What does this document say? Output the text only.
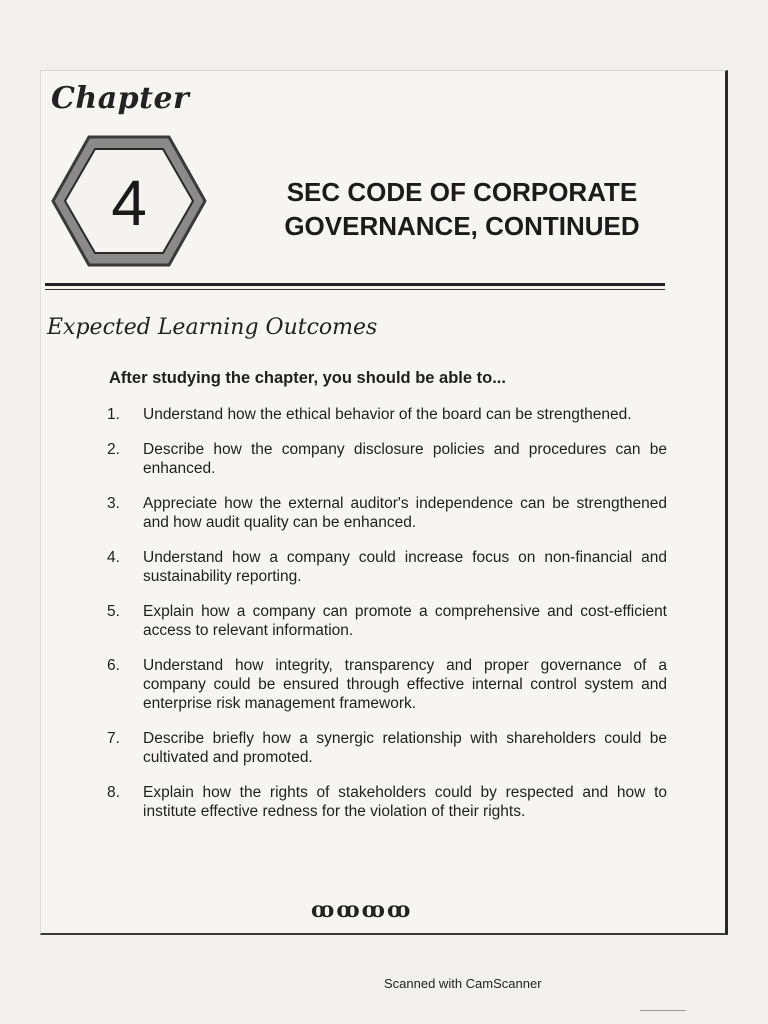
Chapter
4	SEC CODE OF CORPORATE
GOVERNANCE, CONTINUED
Expected Learning Outcomes
After studying the chapter, you should be able to...
1.	Understand how the ethical behavior of the board can be strengthened.
2.	Describe how the company disclosure policies and procedures can be enhanced.
3.	Appreciate how the external auditor's independence can be strengthened and how audit quality can be enhanced.
4.	Understand how a company could increase focus on non-financial and sustainability reporting.
5.	Explain how a company can promote a comprehensive and cost-efficient access to relevant information.
6.	Understand how integrity, transparency and proper governance of a company could be ensured through effective internal control system and enterprise risk management framework.
7.	Describe briefly how a synergic relationship with shareholders could be cultivated and promoted.
8.	Explain how the rights of stakeholders could by respected and how to institute effective redness for the violation of their rights.
ꝏꝏꝏꝏ
Scanned with CamScanner
